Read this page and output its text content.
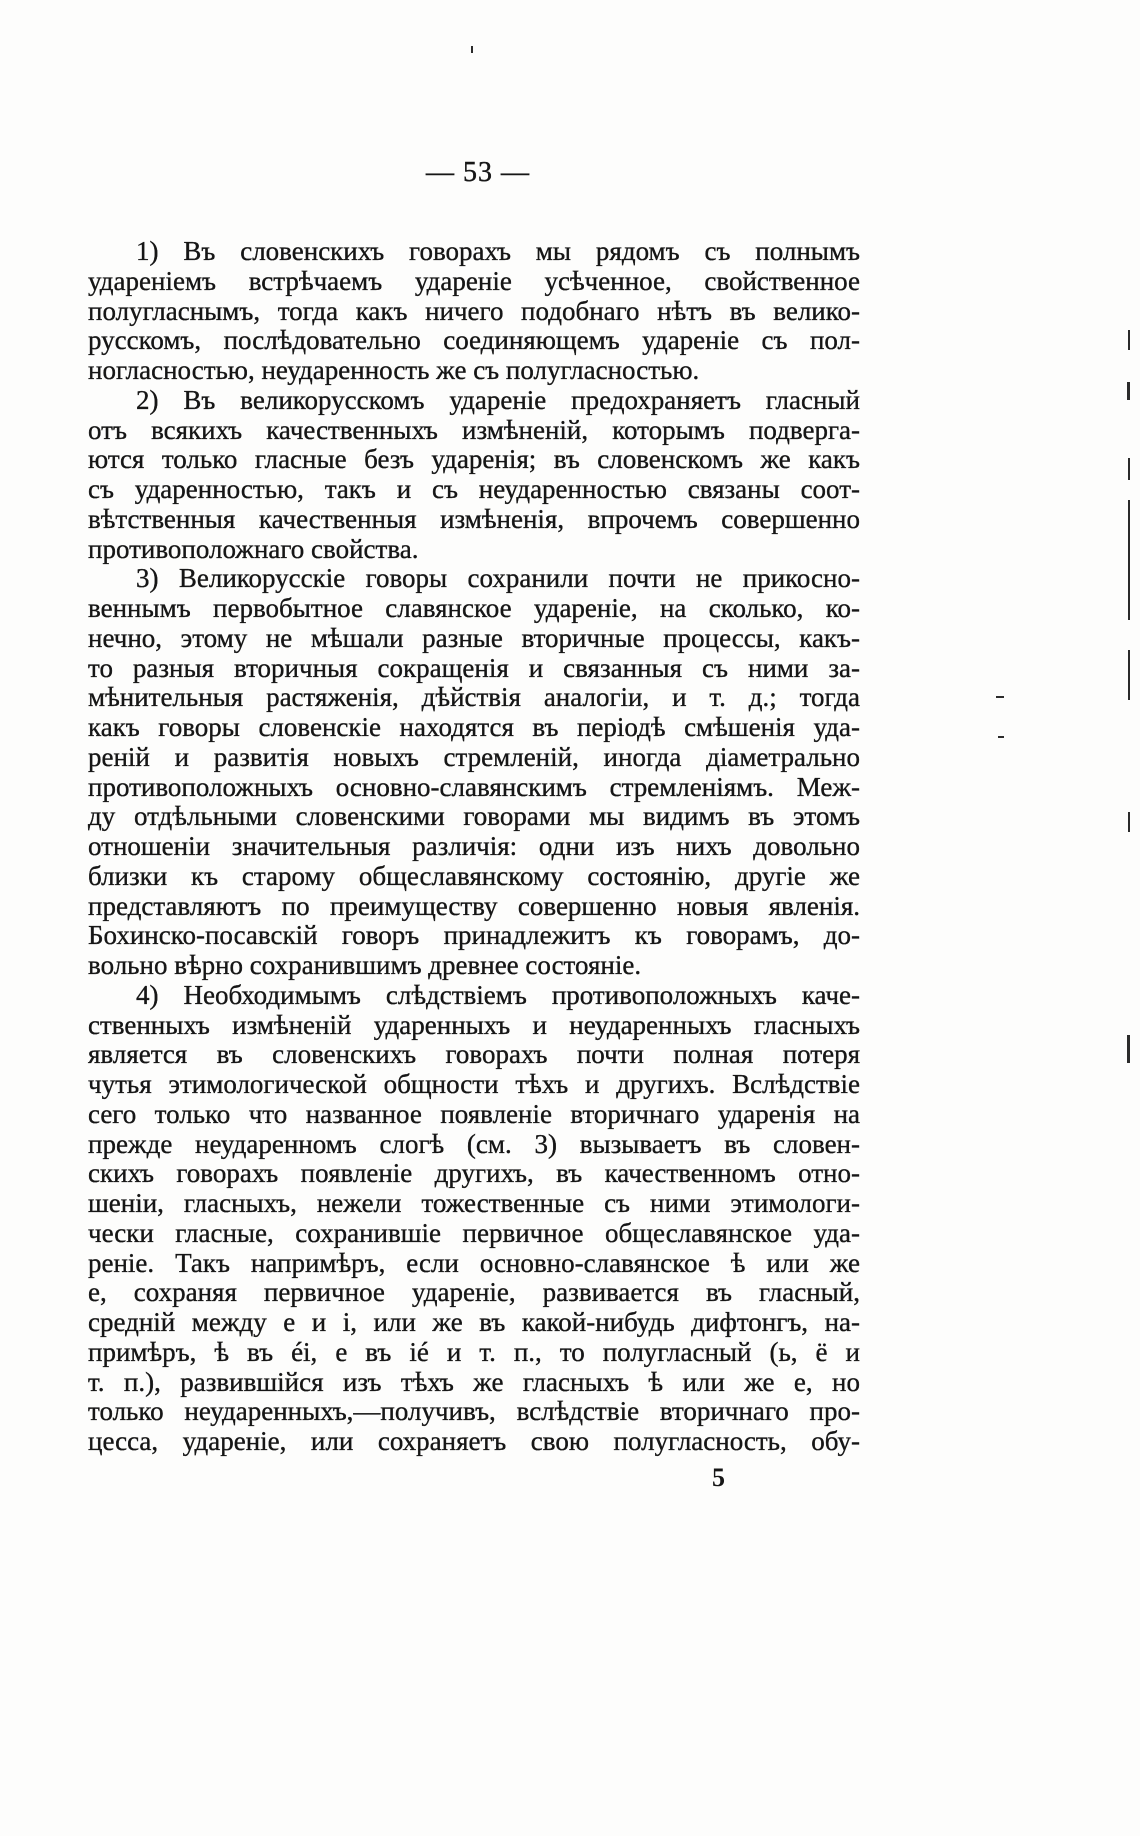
— 53 —
1) Въ словенскихъ говорахъ мы рядомъ съ полнымъ
удареніемъ встрѣчаемъ удареніе усѣченное, свойственное
полугласнымъ, тогда какъ ничего подобнаго нѣтъ въ велико-
русскомъ, послѣдовательно соединяющемъ удареніе съ пол-
ногласностью, неударенность же съ полугласностью.
2) Въ великорусскомъ удареніе предохраняетъ гласный
отъ всякихъ качественныхъ измѣненій, которымъ подверга-
ются только гласные безъ ударенія; въ словенскомъ же какъ
съ ударенностью, такъ и съ неударенностью связаны соот-
вѣтственныя качественныя измѣненія, впрочемъ совершенно
противоположнаго свойства.
3) Великорусскіе говоры сохранили почти не прикосно-
веннымъ первобытное славянское удареніе, на сколько, ко-
нечно, этому не мѣшали разные вторичные процессы, какъ-
то разныя вторичныя сокращенія и связанныя съ ними за-
мѣнительныя растяженія, дѣйствія аналогіи, и т. д.; тогда
какъ говоры словенскіе находятся въ періодѣ смѣшенія уда-
реній и развитія новыхъ стремленій, иногда діаметрально
противоположныхъ основно-славянскимъ стремленіямъ. Меж-
ду отдѣльными словенскими говорами мы видимъ въ этомъ
отношеніи значительныя различія: одни изъ нихъ довольно
близки къ старому общеславянскому состоянію, другіе же
представляютъ по преимуществу совершенно новыя явленія.
Бохинско-посавскій говоръ принадлежитъ къ говорамъ, до-
вольно вѣрно сохранившимъ древнее состояніе.
4) Необходимымъ слѣдствіемъ противоположныхъ каче-
ственныхъ измѣненій ударенныхъ и неударенныхъ гласныхъ
является въ словенскихъ говорахъ почти полная потеря
чутья этимологической общности тѣхъ и другихъ. Вслѣдствіе
сего только что названное появленіе вторичнаго ударенія на
прежде неударенномъ слогѣ (см. 3) вызываетъ въ словен-
скихъ говорахъ появленіе другихъ, въ качественномъ отно-
шеніи, гласныхъ, нежели тожественные съ ними этимологи-
чески гласные, сохранившіе первичное общеславянское уда-
реніе. Такъ напримѣръ, если основно-славянское ѣ или же
е, сохраняя первичное удареніе, развивается въ гласный,
средній между е и і, или же въ какой-нибудь дифтонгъ, на-
примѣръ, ѣ въ éi, е въ ié и т. п., то полугласный (ь, ё и
т. п.), развившійся изъ тѣхъ же гласныхъ ѣ или же е, но
только неударенныхъ,—получивъ, вслѣдствіе вторичнаго про-
цесса, удареніе, или сохраняетъ свою полугласность, обу-
5
